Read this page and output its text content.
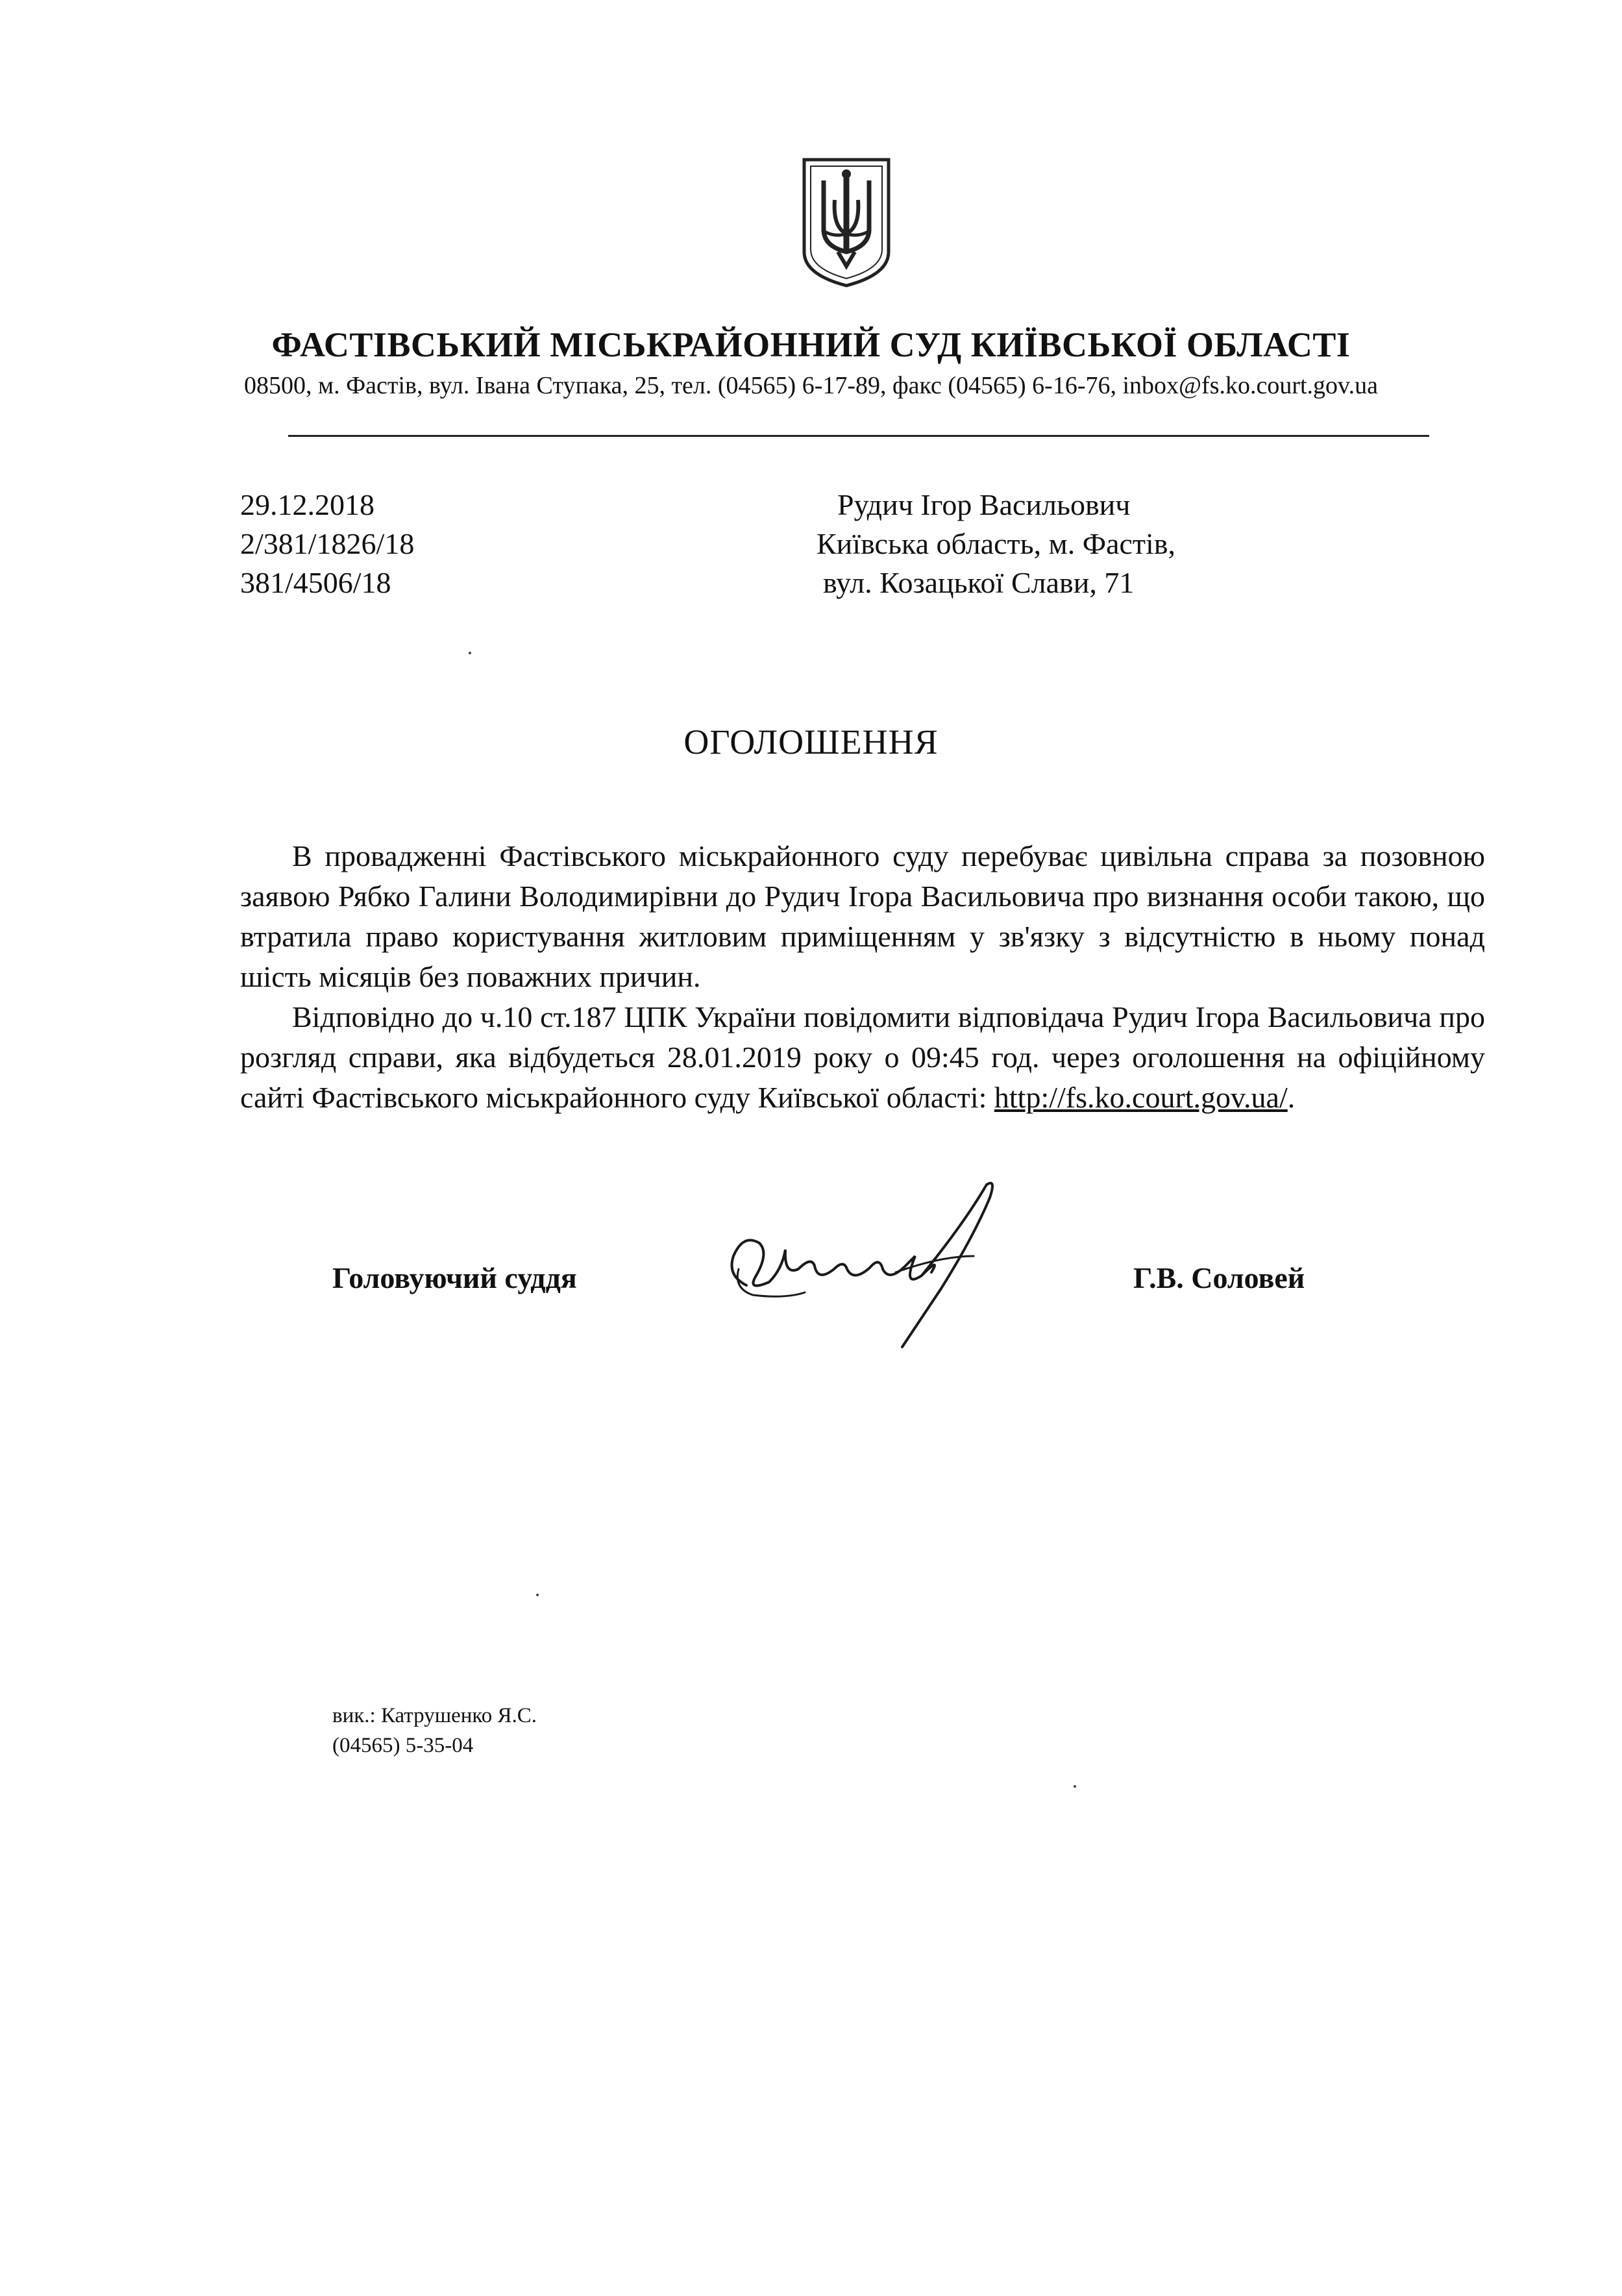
ФАСТІВСЬКИЙ МІСЬКРАЙОННИЙ СУД КИЇВСЬКОЇ ОБЛАСТІ
08500, м. Фастів, вул. Івана Ступака, 25, тел. (04565) 6-17-89, факс (04565) 6-16-76, inbox@fs.ko.court.gov.ua
29.12.2018
2/381/1826/18
381/4506/18
Рудич Ігор Васильович
Київська область, м. Фастів,
вул. Козацької Слави, 71
ОГОЛОШЕННЯ

В провадженні Фастівського міськрайонного суду перебуває цивільна справа за позовною заявою Рябко Галини Володимирівни до Рудич Ігора Васильовича про визнання особи такою, що втратила право користування житловим приміщенням у зв'язку з відсутністю в ньому понад шість місяців без поважних причин.

Відповідно до ч.10 ст.187 ЦПК України повідомити відповідача Рудич Ігора Васильовича про розгляд справи, яка відбудеться 28.01.2019 року о 09:45 год. через оголошення на офіційному сайті Фастівського міськрайонного суду Київської області: http://fs.ko.court.gov.ua/.

Головуючий суддя	Г.В. Соловей
вик.: Катрушенко Я.С.
(04565) 5-35-04
